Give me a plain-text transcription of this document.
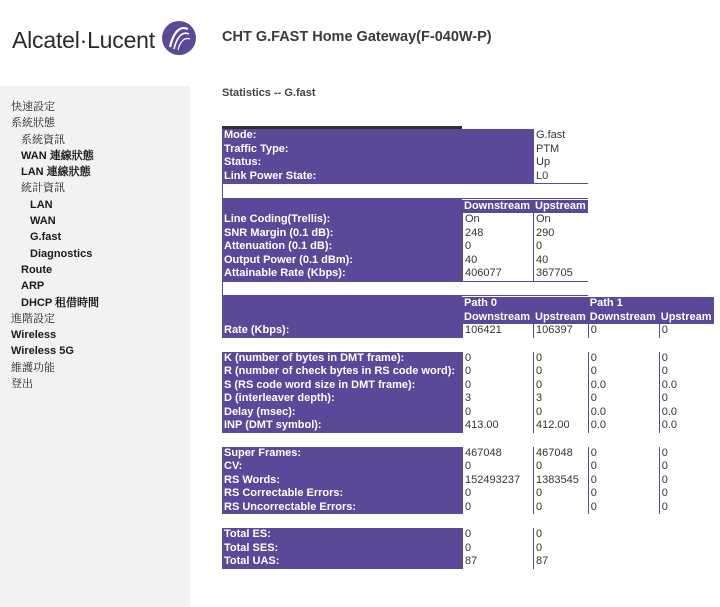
Alcatel·Lucent	CHT G.FAST Home Gateway(F-040W-P)
快速設定
系統狀態
系統資訊
WAN 連線狀態
LAN 連線狀態
統計資訊
LAN
WAN
G.fast
Diagnostics
Route
ARP
DHCP 租借時間
進階設定
Wireless
Wireless 5G
維護功能
登出
Statistics -- G.fast
Mode:		G.fast		
Traffic Type:		PTM		
Status:		Up		
Link Power State:		L0		

	Downstream	Upstream		
Line Coding(Trellis):	On	On		
SNR Margin (0.1 dB):	248	290		
Attenuation (0.1 dB):	0	0		
Output Power (0.1 dBm):	40	40		
Attainable Rate (Kbps):	406077	367705		

	Path 0		Path 1	
	Downstream	Upstream	Downstream	Upstream
Rate (Kbps):	106421	106397	0	0

K (number of bytes in DMT frame):	0	0	0	0
R (number of check bytes in RS code word):	0	0	0	0
S (RS code word size in DMT frame):	0	0	0.0	0.0
D (interleaver depth):	3	3	0	0
Delay (msec):	0	0	0.0	0.0
INP (DMT symbol):	413.00	412.00	0.0	0.0

Super Frames:	467048	467048	0	0
CV:	0	0	0	0
RS Words:	152493237	1383545	0	0
RS Correctable Errors:	0	0	0	0
RS Uncorrectable Errors:	0	0	0	0

Total ES:	0	0		
Total SES:	0	0		
Total UAS:	87	87		
